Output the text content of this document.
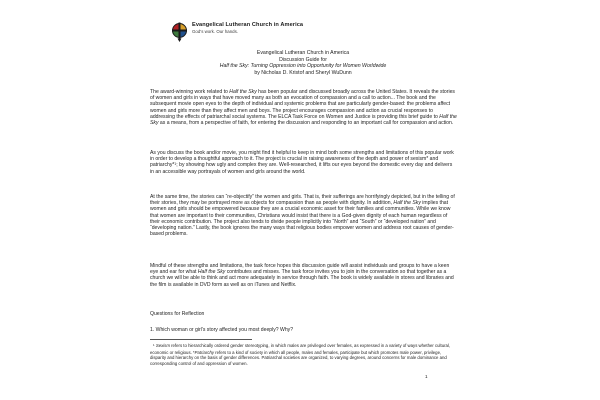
Evangelical Lutheran Church in America
God’s work. Our hands.
Evangelical Lutheran Church in America
Discussion Guide for
Half the Sky: Turning Oppression into Opportunity for Women Worldwide
by Nicholas D. Kristof and Sheryl WuDunn
The award-winning work related to Half the Sky has been popular and discussed broadly across the United States. It reveals the stories of women and girls in ways that have moved many as both an evocation of compassion and a call to action... The book and the subsequent movie open eyes to the depth of individual and systemic problems that are particularly gender-based: the problems affect women and girls more than they affect men and boys. The project encourages compassion and action as crucial responses to addressing the effects of patriarchal social systems. The ELCA Task Force on Women and Justice is providing this brief guide to Half the Sky as a means, from a perspective of faith, for entering the discussion and responding to an important call for compassion and action.
As you discuss the book and/or movie, you might find it helpful to keep in mind both some strengths and limitations of this popular work in order to develop a thoughtful approach to it. The project is crucial in raising awareness of the depth and power of sexism* and patriarchy*$^1$; by showing how ugly and complex they are. Well-researched, it lifts our eyes beyond the domestic every day and delivers in an accessible way portrayals of women and girls around the world.
At the same time, the stories can “re-objectify” the women and girls. That is, their sufferings are horrifyingly depicted, but in the telling of their stories, they may be portrayed more as objects for compassion than as people with dignity. In addition, Half the Sky implies that women and girls should be empowered because they are a crucial economic asset for their families and communities. While we know that women are important to their communities, Christians would insist that there is a God-given dignity of each human regardless of their economic contribution. The project also tends to divide people implicitly into “North” and “South” or “developed nation” and “developing nation.” Lastly, the book ignores the many ways that religious bodies empower women and address root causes of gender-based problems.
Mindful of these strengths and limitations, the task force hopes this discussion guide will assist individuals and groups to have a keen eye and ear for what Half the Sky contributes and misses. The task force invites you to join in the conversation so that together as a church we will be able to think and act more adequately in service through faith. The book is widely available in stores and libraries and the film is available in DVD form as well as on iTunes and Netflix.
Questions for Reflection
1. Which woman or girl’s story affected you most deeply? Why?
$^1$ Sexism refers to hierarchically ordered gender stereotyping, in which males are privileged over females, as expressed in a variety of ways whether cultural, economic or religious. *Patriarchy refers to a kind of society in which all people, males and females, participate but which promotes male power, privilege, disparity and hierarchy on the basis of gender differences. Patriarchal societies are organized, to varying degrees, around concerns for male dominance and corresponding control of and oppression of women.
1
